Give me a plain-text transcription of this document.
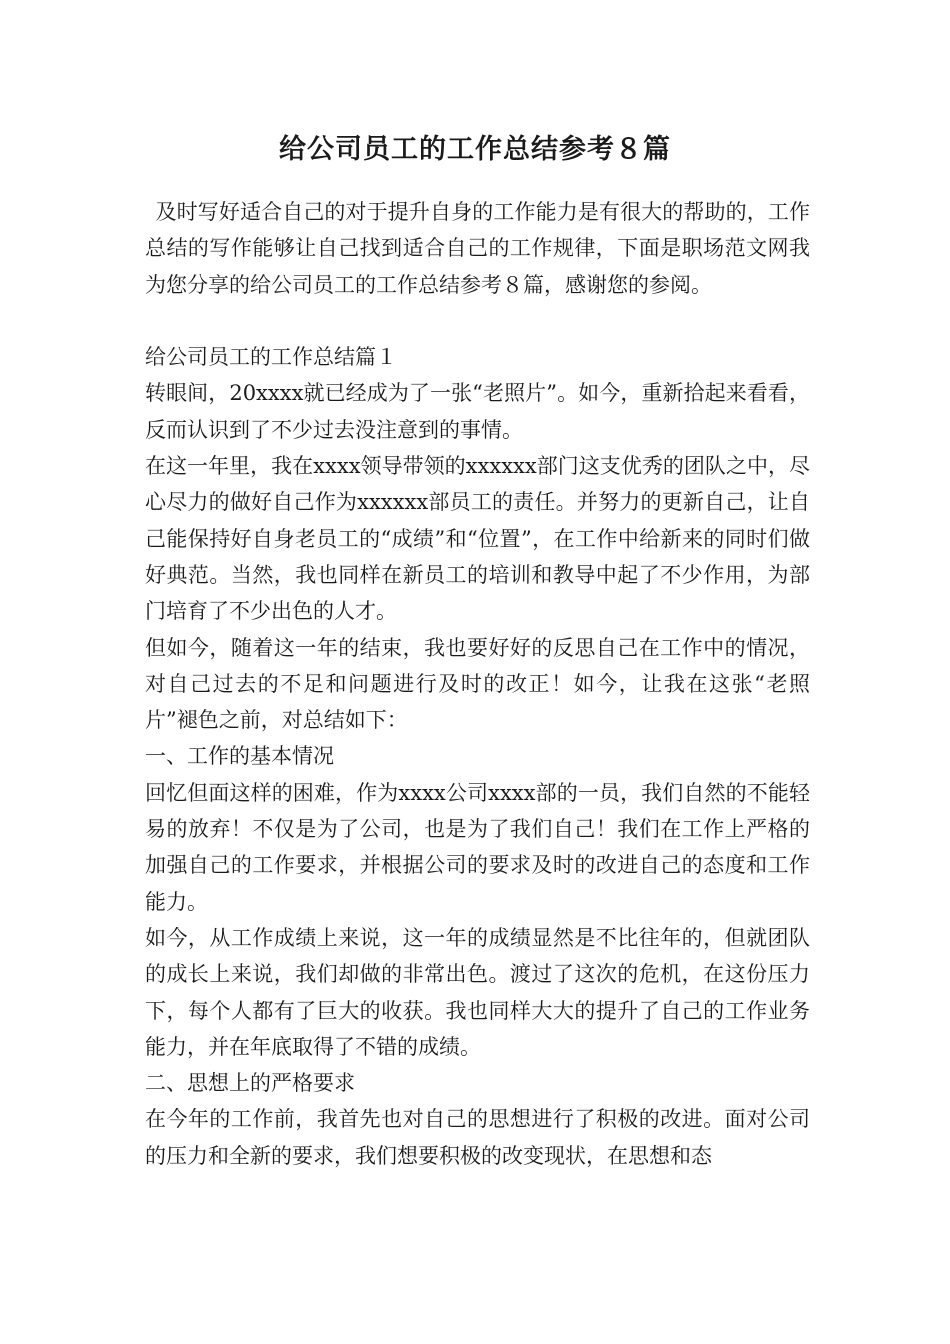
给公司员工的工作总结参考８篇

及时写好适合自己的对于提升自身的工作能力是有很大的帮助的，工作总结的写作能够让自己找到适合自己的工作规律，下面是职场范文网我为您分享的给公司员工的工作总结参考８篇，感谢您的参阅。

给公司员工的工作总结篇１

转眼间，20xxxx就已经成为了一张“老照片”。如今，重新拾起来看看，反而认识到了不少过去没注意到的事情。

在这一年里，我在xxxx领导带领的xxxxxx部门这支优秀的团队之中，尽心尽力的做好自己作为xxxxxx部员工的责任。并努力的更新自己，让自己能保持好自身老员工的“成绩”和“位置”，在工作中给新来的同时们做好典范。当然，我也同样在新员工的培训和教导中起了不少作用，为部门培育了不少出色的人才。

但如今，随着这一年的结束，我也要好好的反思自己在工作中的情况，对自己过去的不足和问题进行及时的改正！如今，让我在这张“老照片”褪色之前，对总结如下：

一、工作的基本情况

回忆但面这样的困难，作为xxxx公司xxxx部的一员，我们自然的不能轻易的放弃！不仅是为了公司，也是为了我们自己！我们在工作上严格的加强自己的工作要求，并根据公司的要求及时的改进自己的态度和工作能力。

如今，从工作成绩上来说，这一年的成绩显然是不比往年的，但就团队的成长上来说，我们却做的非常出色。渡过了这次的危机，在这份压力下，每个人都有了巨大的收获。我也同样大大的提升了自己的工作业务能力，并在年底取得了不错的成绩。

二、思想上的严格要求

在今年的工作前，我首先也对自己的思想进行了积极的改进。面对公司的压力和全新的要求，我们想要积极的改变现状，在思想和态
